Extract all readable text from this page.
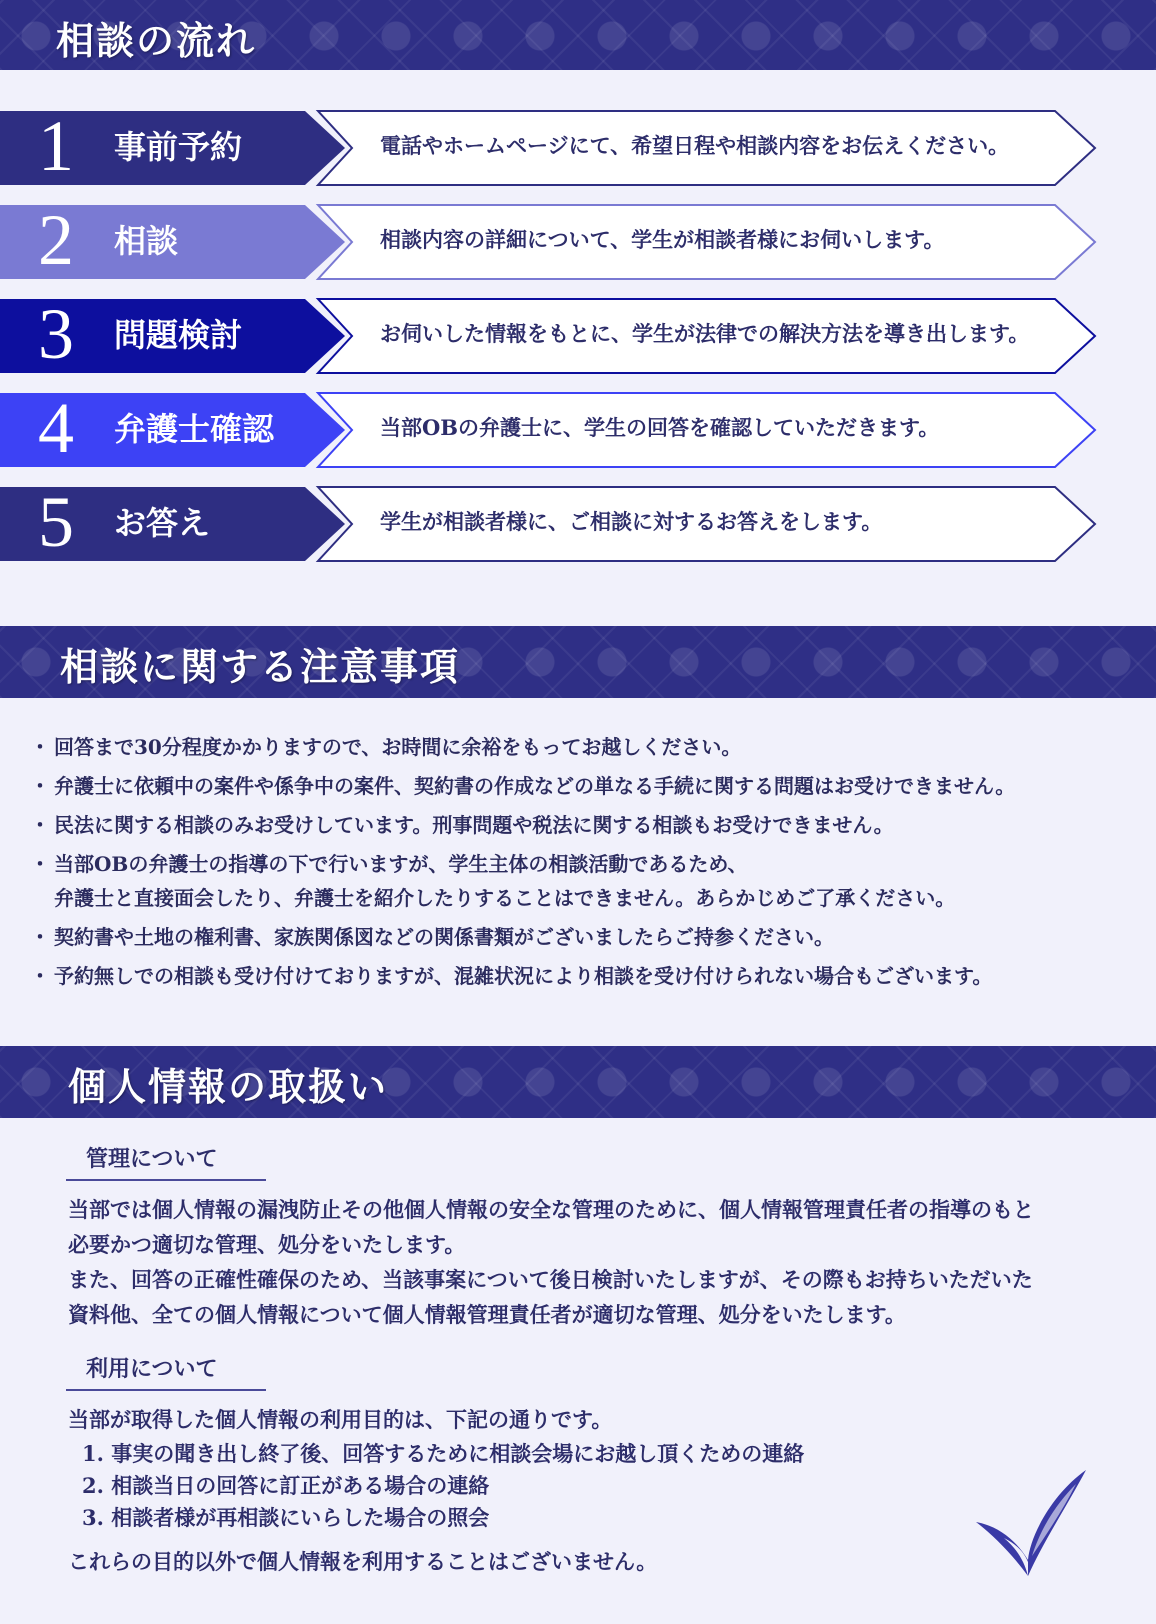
相談の流れ
1	事前予約	電話やホームページにて、希望日程や相談内容をお伝えください。
2	相談	相談内容の詳細について、学生が相談者様にお伺いします。
3	問題検討	お伺いした情報をもとに、学生が法律での解決方法を導き出します。
4	弁護士確認	当部OBの弁護士に、学生の回答を確認していただきます。
5	お答え	学生が相談者様に、ご相談に対するお答えをします。
相談に関する注意事項
・ 回答まで30分程度かかりますので、お時間に余裕をもってお越しください。
・ 弁護士に依頼中の案件や係争中の案件、契約書の作成などの単なる手続に関する問題はお受けできません。
・ 民法に関する相談のみお受けしています。刑事問題や税法に関する相談もお受けできません。
・ 当部OBの弁護士の指導の下で行いますが、学生主体の相談活動であるため、
弁護士と直接面会したり、弁護士を紹介したりすることはできません。あらかじめご了承ください。
・ 契約書や土地の権利書、家族関係図などの関係書類がございましたらご持参ください。
・ 予約無しでの相談も受け付けておりますが、混雑状況により相談を受け付けられない場合もございます。
個人情報の取扱い
管理について
当部では個人情報の漏洩防止その他個人情報の安全な管理のために、個人情報管理責任者の指導のもと
必要かつ適切な管理、処分をいたします。
また、回答の正確性確保のため、当該事案について後日検討いたしますが、その際もお持ちいただいた
資料他、全ての個人情報について個人情報管理責任者が適切な管理、処分をいたします。
利用について
当部が取得した個人情報の利用目的は、下記の通りです。
1. 事実の聞き出し終了後、回答するために相談会場にお越し頂くための連絡
2. 相談当日の回答に訂正がある場合の連絡
3. 相談者様が再相談にいらした場合の照会
これらの目的以外で個人情報を利用することはございません。
